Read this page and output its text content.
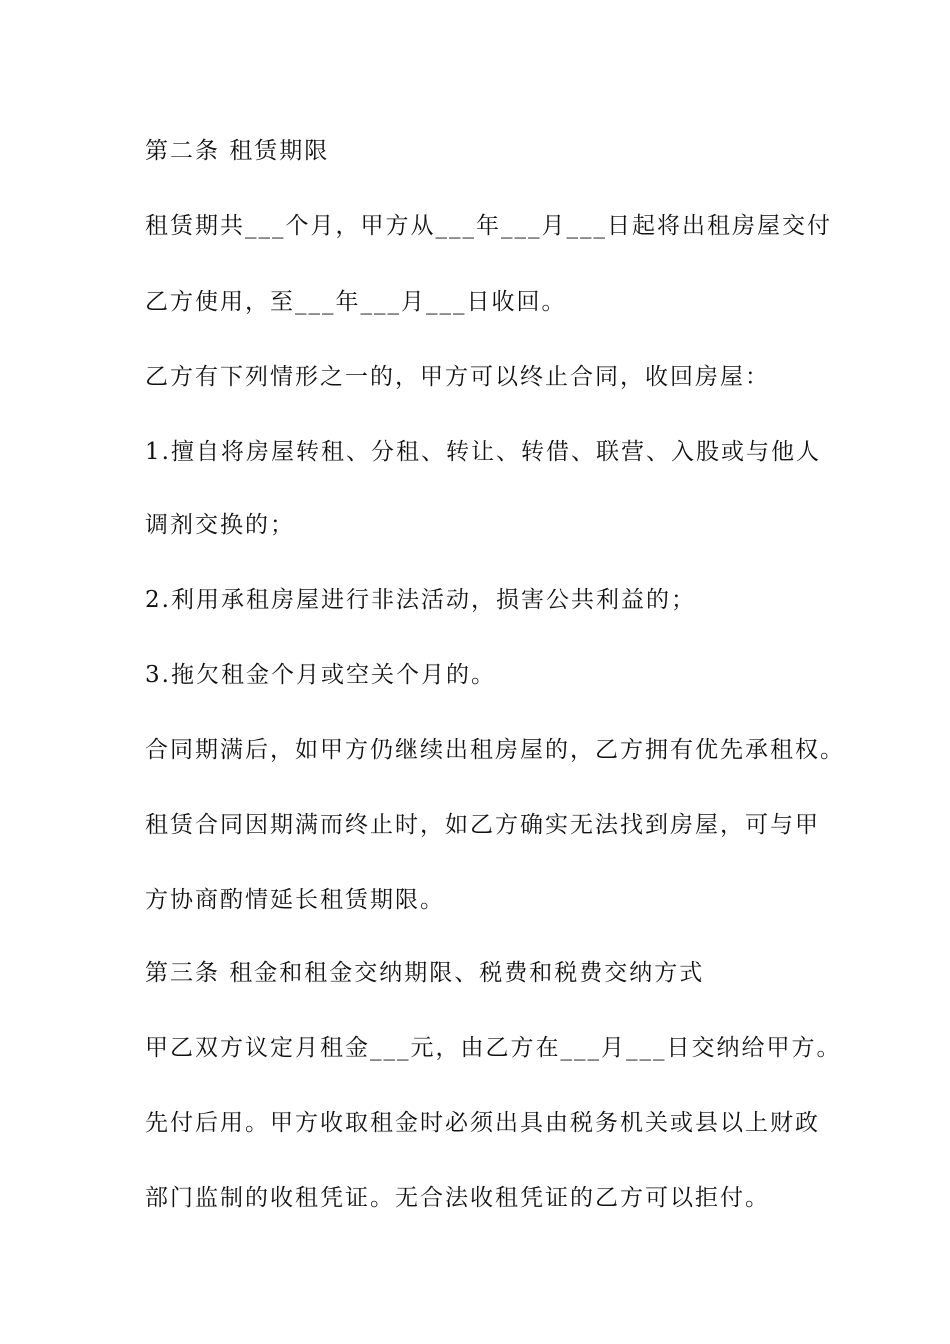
第二条 租赁期限

租赁期共___个月，甲方从___年___月___日起将出租房屋交付

乙方使用，至___年___月___日收回。

乙方有下列情形之一的，甲方可以终止合同，收回房屋：

1.擅自将房屋转租、分租、转让、转借、联营、入股或与他人

调剂交换的；

2.利用承租房屋进行非法活动，损害公共利益的；

3.拖欠租金个月或空关个月的。

合同期满后，如甲方仍继续出租房屋的，乙方拥有优先承租权。

租赁合同因期满而终止时，如乙方确实无法找到房屋，可与甲

方协商酌情延长租赁期限。

第三条 租金和租金交纳期限、税费和税费交纳方式

甲乙双方议定月租金___元，由乙方在___月___日交纳给甲方。

先付后用。甲方收取租金时必须出具由税务机关或县以上财政

部门监制的收租凭证。无合法收租凭证的乙方可以拒付。
